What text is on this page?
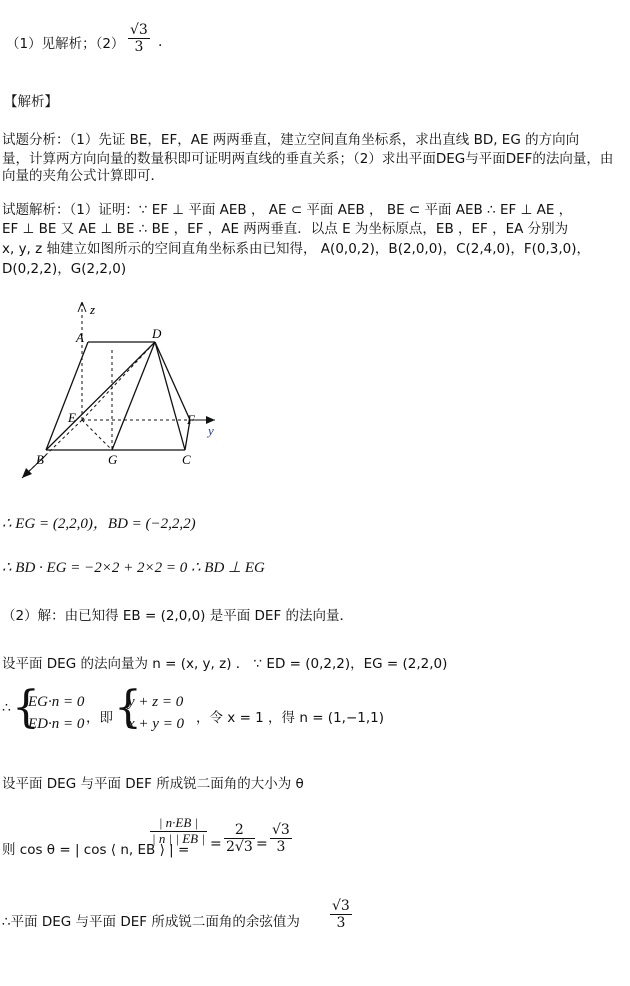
（1）见解析；$(2) \frac{√3}{3}$ .
【解析】
试题分析：（1）先证 BE，EF，AE 两两垂直，建立空间直角坐标系，求出直线 BD, EG 的方向向
量，计算两方向向量的数量积即可证明两直线的垂直关系；（2）求出平面DEG与平面DEF的法向量，由
向量的夹角公式计算即可．
试题解析：（1）证明：∵ EF ⊥ 平面 AEB ， AE ⊂ 平面 AEB ， BE ⊂ 平面 AEB ∴ EF ⊥ AE ，
EF ⊥ BE 又 AE ⊥ BE ∴ BE ，EF ，AE 两两垂直．以点 E 为坐标原点，EB ，EF ，EA 分别为
x, y, z 轴建立如图所示的空间直角坐标系由已知得， A(0,0,2)，B(2,0,0)，C(2,4,0)，F(0,3,0)，
D(0,2,2)，G(2,2,0)
z
A	D
E	F
y
B	G	C
∴ EG = (2,2,0)，BD = (−2,2,2)
∴ BD · EG = −2×2 + 2×2 = 0 ∴ BD ⊥ EG
（2）解：由已知得 EB = (2,0,0) 是平面 DEF 的法向量．
设平面 DEG 的法向量为 n = (x, y, z) ． ∵ ED = (0,2,2)，EG = (2,2,0)
∴ {
EG·n = 0
ED·n = 0 ，即 {
y + z = 0
x + y = 0 ，令 x = 1 ，得 n = (1,−1,1)
设平面 DEG 与平面 DEF 所成锐二面角的大小为 θ
则 cos θ = | cos ⟨ n, EB ⟩ | =
$\frac{| n\cdot EB |}{| n | | EB |} = \frac{2}{2√3} = \frac{√3}{3}$
∴平面 DEG 与平面 DEF 所成锐二面角的余弦值为 $\frac{√3}{3}$
